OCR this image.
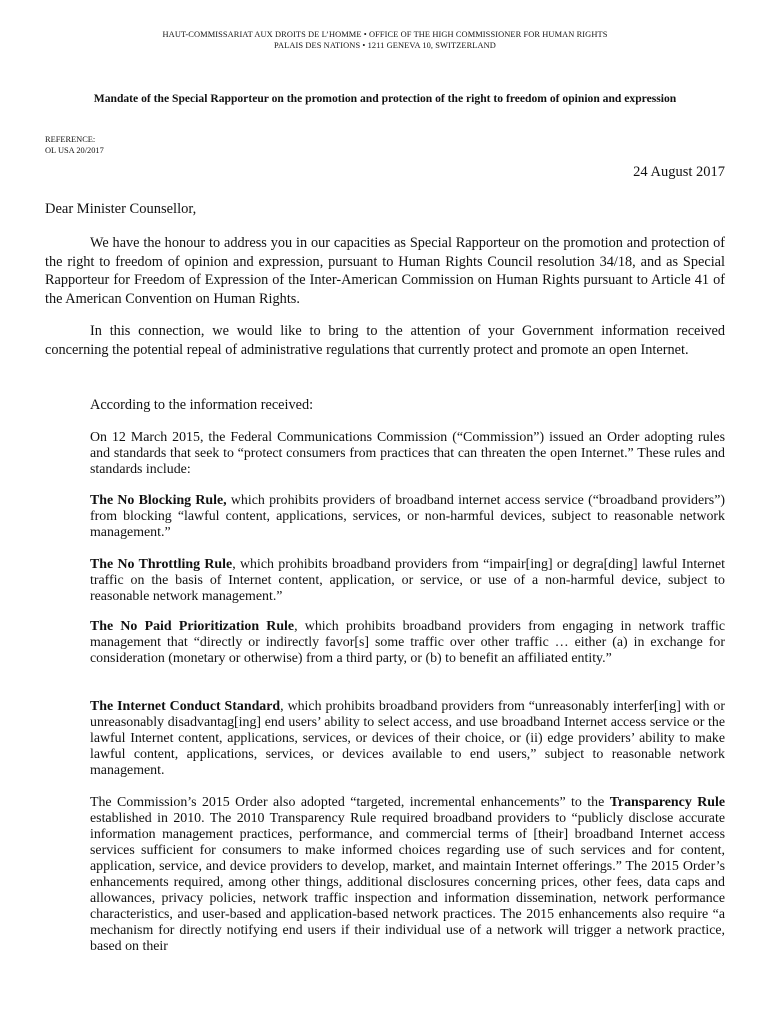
HAUT-COMMISSARIAT AUX DROITS DE L’HOMME • OFFICE OF THE HIGH COMMISSIONER FOR HUMAN RIGHTS
PALAIS DES NATIONS • 1211 GENEVA 10, SWITZERLAND
Mandate of the Special Rapporteur on the promotion and protection of the right to freedom of opinion and expression
REFERENCE:
OL USA 20/2017
24 August 2017
Dear Minister Counsellor,

We have the honour to address you in our capacities as Special Rapporteur on the promotion and protection of the right to freedom of opinion and expression, pursuant to Human Rights Council resolution 34/18, and as Special Rapporteur for Freedom of Expression of the Inter-American Commission on Human Rights pursuant to Article 41 of the American Convention on Human Rights.

In this connection, we would like to bring to the attention of your Government information received concerning the potential repeal of administrative regulations that currently protect and promote an open Internet.

According to the information received:

On 12 March 2015, the Federal Communications Commission (“Commission”) issued an Order adopting rules and standards that seek to “protect consumers from practices that can threaten the open Internet.” These rules and standards include:

The No Blocking Rule, which prohibits providers of broadband internet access service (“broadband providers”) from blocking “lawful content, applications, services, or non-harmful devices, subject to reasonable network management.”

The No Throttling Rule, which prohibits broadband providers from “impair[ing] or degra[ding] lawful Internet traffic on the basis of Internet content, application, or service, or use of a non-harmful device, subject to reasonable network management.”

The No Paid Prioritization Rule, which prohibits broadband providers from engaging in network traffic management that “directly or indirectly favor[s] some traffic over other traffic … either (a) in exchange for consideration (monetary or otherwise) from a third party, or (b) to benefit an affiliated entity.”

The Internet Conduct Standard, which prohibits broadband providers from “unreasonably interfer[ing] with or unreasonably disadvantag[ing] end users’ ability to select access, and use broadband Internet access service or the lawful Internet content, applications, services, or devices of their choice, or (ii) edge providers’ ability to make lawful content, applications, services, or devices available to end users,” subject to reasonable network management.

The Commission’s 2015 Order also adopted “targeted, incremental enhancements” to the Transparency Rule established in 2010. The 2010 Transparency Rule required broadband providers to “publicly disclose accurate information management practices, performance, and commercial terms of [their] broadband Internet access services sufficient for consumers to make informed choices regarding use of such services and for content, application, service, and device providers to develop, market, and maintain Internet offerings.” The 2015 Order’s enhancements required, among other things, additional disclosures concerning prices, other fees, data caps and allowances, privacy policies, network traffic inspection and information dissemination, network performance characteristics, and user-based and application-based network practices. The 2015 enhancements also require “a mechanism for directly notifying end users if their individual use of a network will trigger a network practice, based on their
